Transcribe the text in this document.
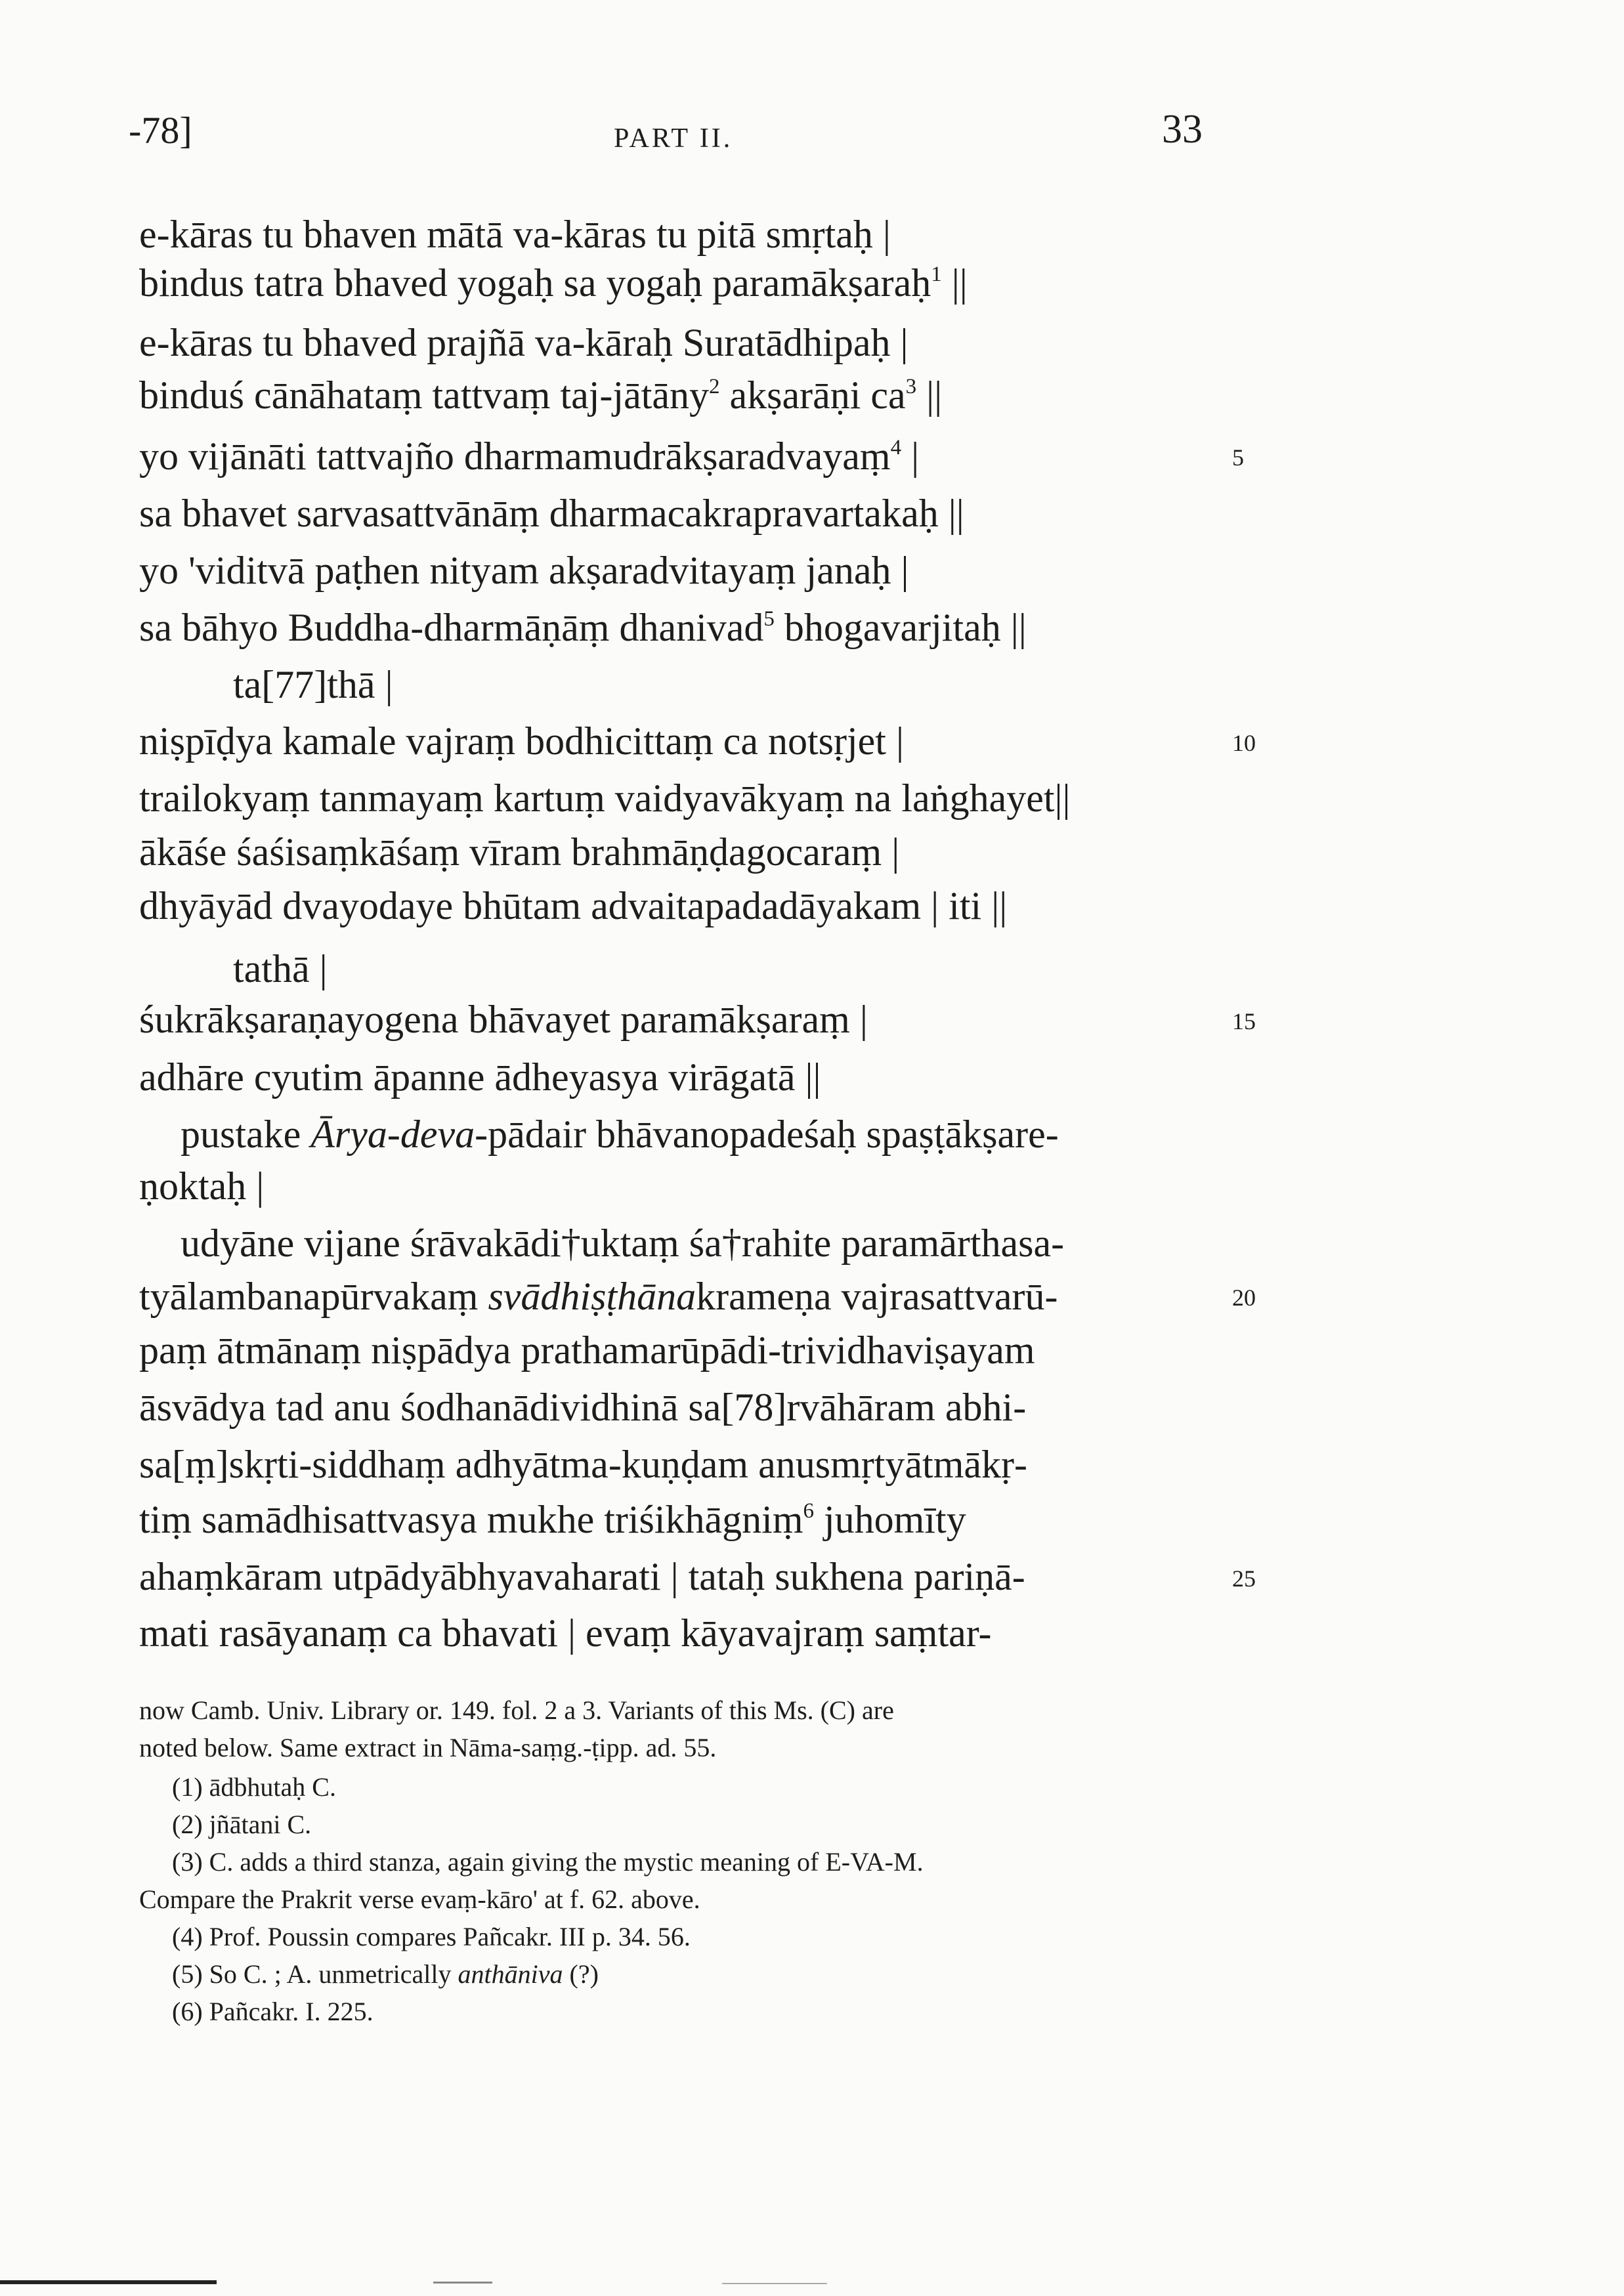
-78]	PART II.	33
e-kāras tu bhaven mātā va-kāras tu pitā smṛtaḥ |
bindus tatra bhaved yogaḥ sa yogaḥ paramākṣaraḥ$^1$ ||
e-kāras tu bhaved prajñā va-kāraḥ Suratādhipaḥ |
binduś cānāhataṃ tattvaṃ taj-jātāny$^2$ akṣarāṇi $ca^3$ ||
yo vijānāti tattvajño dharmamudrākṣaradvayaṃ$^4$ |
sa bhavet sarvasattvānāṃ dharmacakrapravartakaḥ ||
yo 'viditvā paṭhen nityam akṣaradvitayaṃ janaḥ |
sa bāhyo Buddha-dharmāṇāṃ dhanivad$^5$ bhogavarjitaḥ ||
ta[77]thā |
niṣpīḍya kamale vajraṃ bodhicittaṃ ca notsṛjet |
trailokyaṃ tanmayaṃ kartuṃ vaidyavākyaṃ na laṅghayet||
ākāśe śaśisaṃkāśaṃ vīram brahmāṇḍagocaraṃ |
dhyāyād dvayodaye bhūtam advaitapadadāyakam | iti ||
tathā |
śukrākṣaraṇayogena bhāvayet paramākṣaraṃ |
adhāre cyutim āpanne ādheyasya virāgatā ||
pustake Ārya-deva-pādair bhāvanopadeśaḥ spaṣṭākṣare-
ṇoktaḥ |
udyāne vijane śrāvakādi†uktaṃ śa†rahite paramārthasa-
tyālambanapūrvakaṃ svādhiṣṭhānakrameṇa vajrasattvarū-
paṃ ātmānaṃ niṣpādya prathamarūpādi-trividhaviṣayam
āsvādya tad anu śodhanādividhinā sa[78]rvāhāram abhi-
sa[ṃ]skṛti-siddhaṃ adhyātma-kuṇḍam anusmṛtyātmākṛ-
tiṃ samādhisattvasya mukhe triśikhāgniṃ$^6$ juhomīty
ahaṃkāram utpādyābhyavaharati | tataḥ sukhena pariṇā-
mati rasāyanaṃ ca bhavati | evaṃ kāyavajraṃ saṃtar-
5
10
15
20
25
now Camb. Univ. Library or. 149. fol. 2 a 3. Variants of this Ms. (C) are
noted below. Same extract in Nāma-saṃg.-ṭipp. ad. 55.
(1) ādbhutaḥ C.
(2) jñātani C.
(3) C. adds a third stanza, again giving the mystic meaning of E-VA-M.
Compare the Prakrit verse evaṃ-kāro' at f. 62. above.
(4) Prof. Poussin compares Pañcakr. III p. 34. 56.
(5) So C. ; A. unmetrically anthāniva (?)
(6) Pañcakr. I. 225.
